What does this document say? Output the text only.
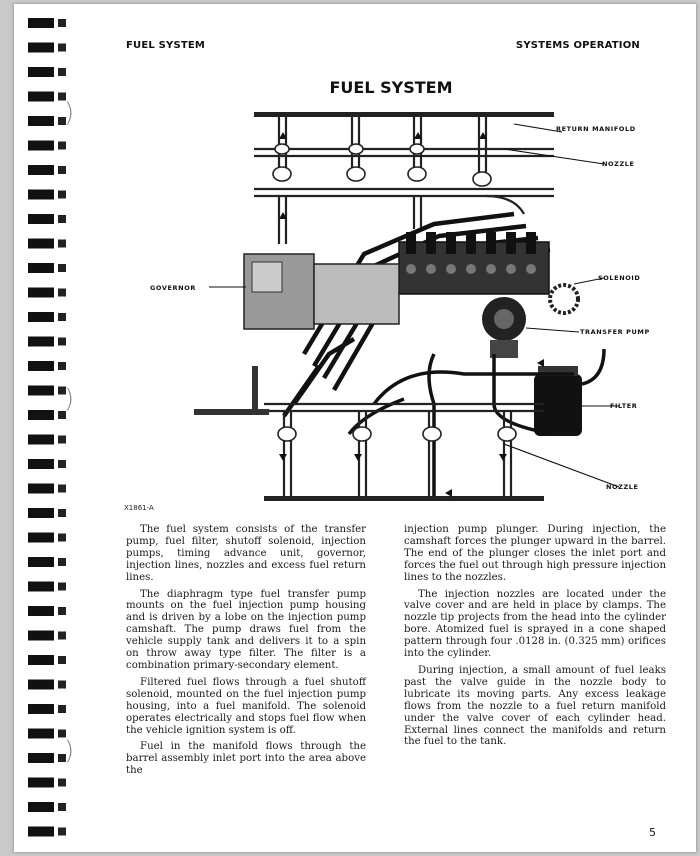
FUEL SYSTEM	SYSTEMS OPERATION
FUEL SYSTEM
)
)
)
RETURN MANIFOLD
NOZZLE
SOLENOID
GOVERNOR
TRANSFER PUMP
FILTER
NOZZLE
X1861-A

The fuel system consists of the transfer pump, fuel filter, shutoff solenoid, injection pumps, timing advance unit, governor, injection lines, nozzles and excess fuel return lines.

The diaphragm type fuel transfer pump mounts on the fuel injection pump housing and is driven by a lobe on the injection pump camshaft. The pump draws fuel from the vehicle supply tank and delivers it to a spin on throw away type filter. The filter is a combination primary-secondary element.

Filtered fuel flows through a fuel shutoff solenoid, mounted on the fuel injection pump housing, into a fuel manifold. The solenoid operates electrically and stops fuel flow when the vehicle ignition system is off.

Fuel in the manifold flows through the barrel assembly inlet port into the area above the

injection pump plunger. During injection, the camshaft forces the plunger upward in the barrel. The end of the plunger closes the inlet port and forces the fuel out through high pressure injection lines to the nozzles.

The injection nozzles are located under the valve cover and are held in place by clamps. The nozzle tip projects from the head into the cylinder bore. Atomized fuel is sprayed in a cone shaped pattern through four .0128 in. (0.325 mm) orifices into the cylinder.

During injection, a small amount of fuel leaks past the valve guide in the nozzle body to lubricate its moving parts. Any excess leakage flows from the nozzle to a fuel return manifold under the valve cover of each cylinder head. External lines connect the manifolds and return the fuel to the tank.

5
